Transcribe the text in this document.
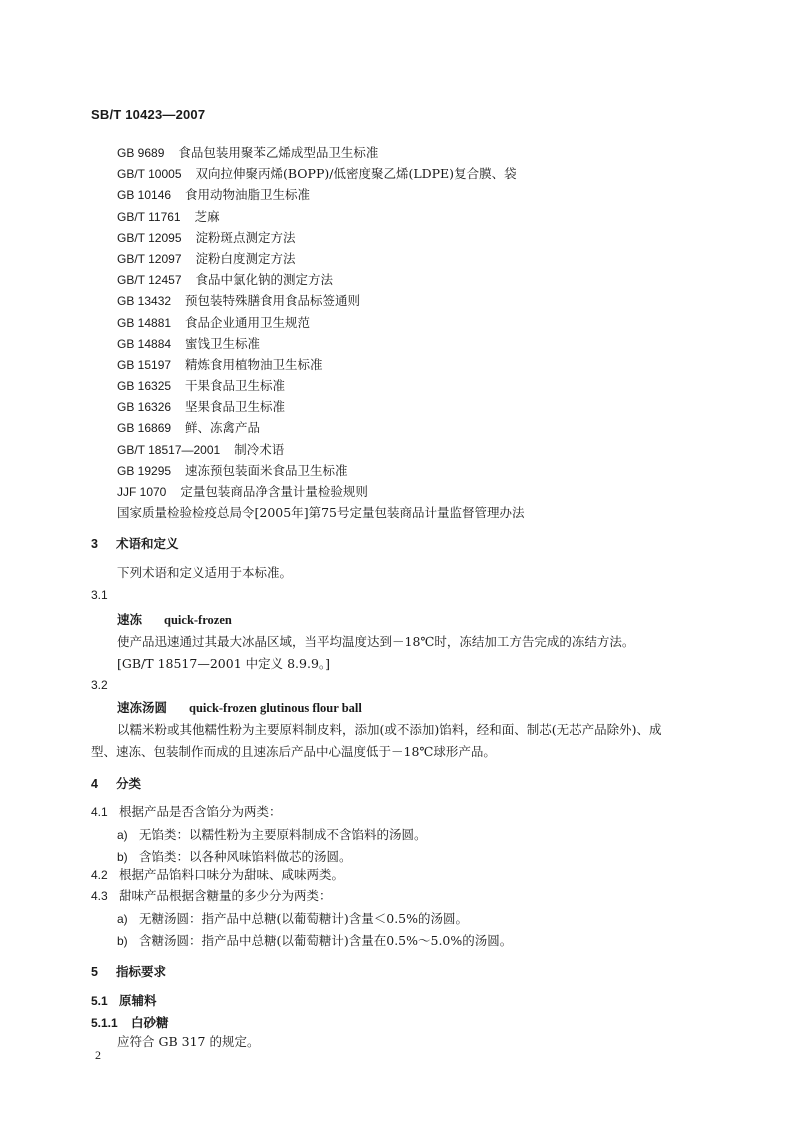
SB/T 10423—2007
GB 9689 食品包装用聚苯乙烯成型品卫生标准
GB/T 10005 双向拉伸聚丙烯(BOPP)/低密度聚乙烯(LDPE)复合膜、袋
GB 10146 食用动物油脂卫生标准
GB/T 11761 芝麻
GB/T 12095 淀粉斑点测定方法
GB/T 12097 淀粉白度测定方法
GB/T 12457 食品中氯化钠的测定方法
GB 13432 预包装特殊膳食用食品标签通则
GB 14881 食品企业通用卫生规范
GB 14884 蜜饯卫生标准
GB 15197 精炼食用植物油卫生标准
GB 16325 干果食品卫生标准
GB 16326 坚果食品卫生标准
GB 16869 鲜、冻禽产品
GB/T 18517—2001 制冷术语
GB 19295 速冻预包装面米食品卫生标准
JJF 1070 定量包装商品净含量计量检验规则
国家质量检验检疫总局令[2005年]第75号定量包装商品计量监督管理办法
3 术语和定义
下列术语和定义适用于本标准。
3.1
速冻 quick-frozen
使产品迅速通过其最大冰晶区域，当平均温度达到－18℃时，冻结加工方告完成的冻结方法。
[GB/T 18517—2001 中定义 8.9.9。]
3.2
速冻汤圆 quick-frozen glutinous flour ball
以糯米粉或其他糯性粉为主要原料制皮料，添加(或不添加)馅料，经和面、制芯(无芯产品除外)、成
型、速冻、包装制作而成的且速冻后产品中心温度低于－18℃球形产品。
4 分类
4.1 根据产品是否含馅分为两类：
a) 无馅类：以糯性粉为主要原料制成不含馅料的汤圆。
b) 含馅类：以各种风味馅料做芯的汤圆。
4.2 根据产品馅料口味分为甜味、咸味两类。
4.3 甜味产品根据含糖量的多少分为两类：
a) 无糖汤圆：指产品中总糖(以葡萄糖计)含量＜0.5%的汤圆。
b) 含糖汤圆：指产品中总糖(以葡萄糖计)含量在0.5%～5.0%的汤圆。
5 指标要求
5.1 原辅料
5.1.1 白砂糖
应符合 GB 317 的规定。
2
